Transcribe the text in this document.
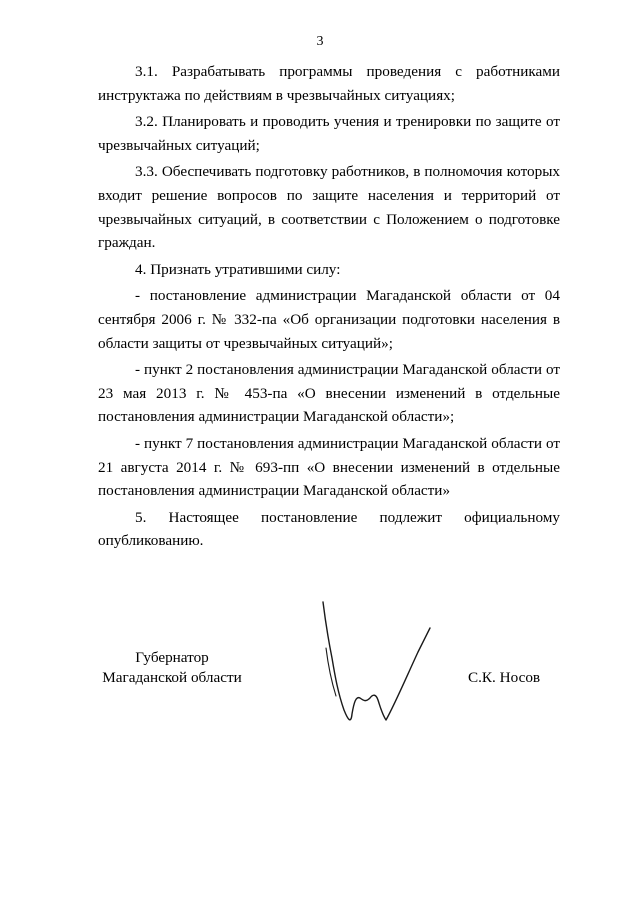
3

3.1. Разрабатывать программы проведения с работниками инструктажа по действиям в чрезвычайных ситуациях;

3.2. Планировать и проводить учения и тренировки по защите от чрезвычайных ситуаций;

3.3. Обеспечивать подготовку работников, в полномочия которых входит решение вопросов по защите населения и территорий от чрезвычайных ситуаций, в соответствии с Положением о подготовке граждан.

4. Признать утратившими силу:

- постановление администрации Магаданской области от 04 сентября 2006 г. № 332-па «Об организации подготовки населения в области защиты от чрезвычайных ситуаций»;

- пункт 2 постановления администрации Магаданской области от 23 мая 2013 г. № 453-па «О внесении изменений в отдельные постановления администрации Магаданской области»;

- пункт 7 постановления администрации Магаданской области от 21 августа 2014 г. № 693-пп «О внесении изменений в отдельные постановления администрации Магаданской области»

5. Настоящее постановление подлежит официальному опубликованию.

Губернатор
Магаданской области	С.К. Носов
